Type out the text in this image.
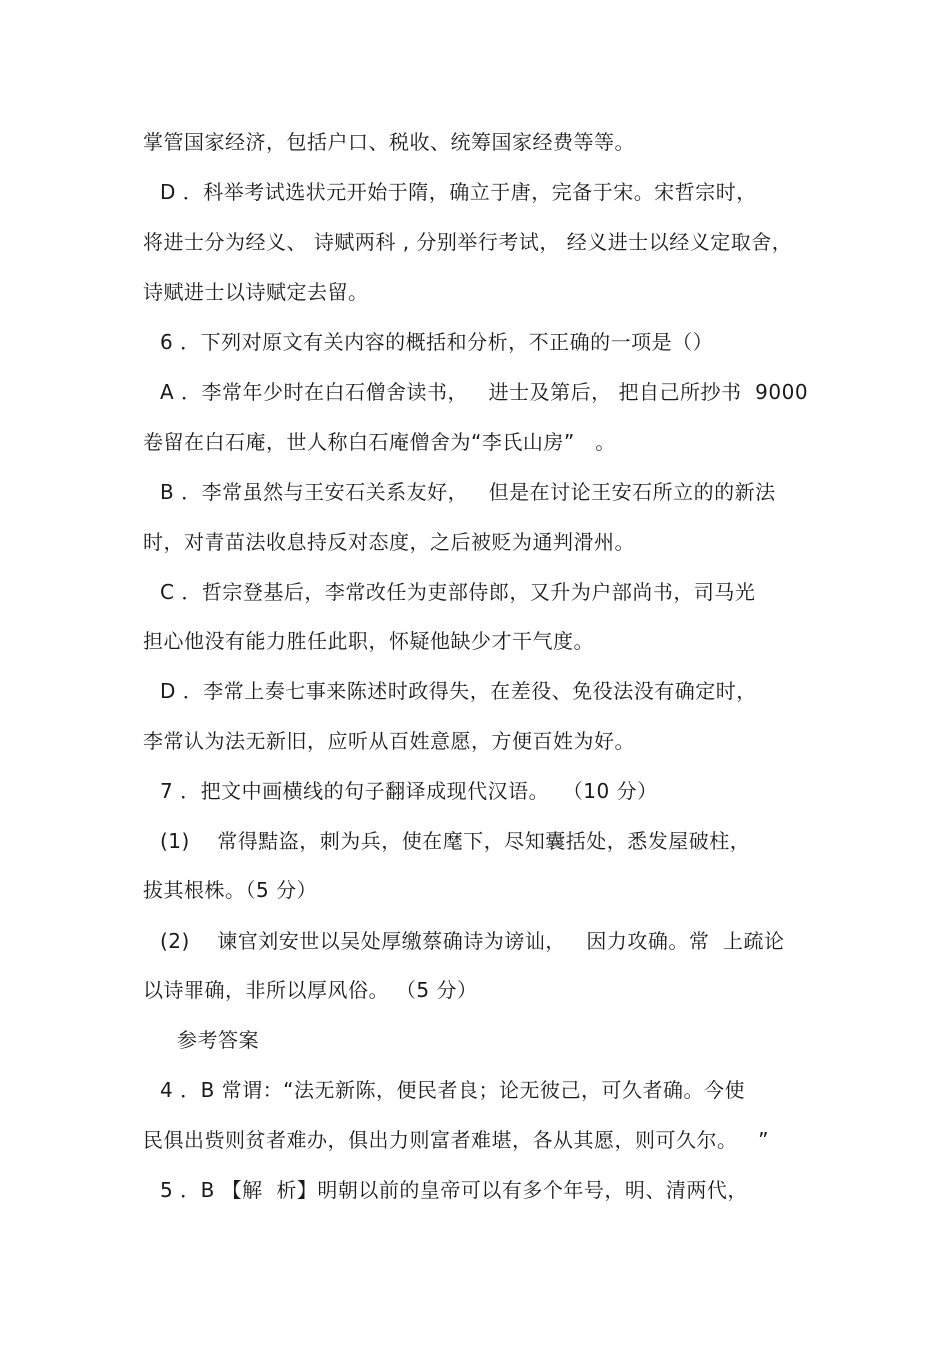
掌管国家经济，包括户口、税收、统筹国家经费等等。
D ．科举考试选状元开始于隋，确立于唐，完备于宋。宋哲宗时，
将进士分为经义、 诗赋两科 , 分别举行考试， 经义进士以经义定取舍，
诗赋进士以诗赋定去留。
6 ．下列对原文有关内容的概括和分析，不正确的一项是（）
A ．李常年少时在白石僧舍读书，   进士及第后， 把自己所抄书  9000
卷留在白石庵，世人称白石庵僧舍为“李氏山房”   。
B ．李常虽然与王安石关系友好，   但是在讨论王安石所立的的新法
时，对青苗法收息持反对态度，之后被贬为通判滑州。
C ．哲宗登基后，李常改任为吏部侍郎，又升为户部尚书，司马光
担心他没有能力胜任此职，怀疑他缺少才干气度。
D ．李常上奏七事来陈述时政得失，在差役、免役法没有确定时，
李常认为法无新旧，应听从百姓意愿，方便百姓为好。
7 ．把文中画横线的句子翻译成现代汉语。  （10 分）
(1)    常得黠盗，刺为兵，使在麾下，尽知囊括处，悉发屋破柱，
拔其根株。（5 分）
(2)    谏官刘安世以吴处厚缴蔡确诗为谤讪，   因力攻确。常  上疏论
以诗罪确，非所以厚风俗。 （5 分）
参考答案
4 ．B 常谓：“法无新陈，便民者良；论无彼己，可久者确。今使
民俱出赀则贫者难办，俱出力则富者难堪，各从其愿，则可久尔。   ”
5 ．B 【解  析】明朝以前的皇帝可以有多个年号，明、清两代，
